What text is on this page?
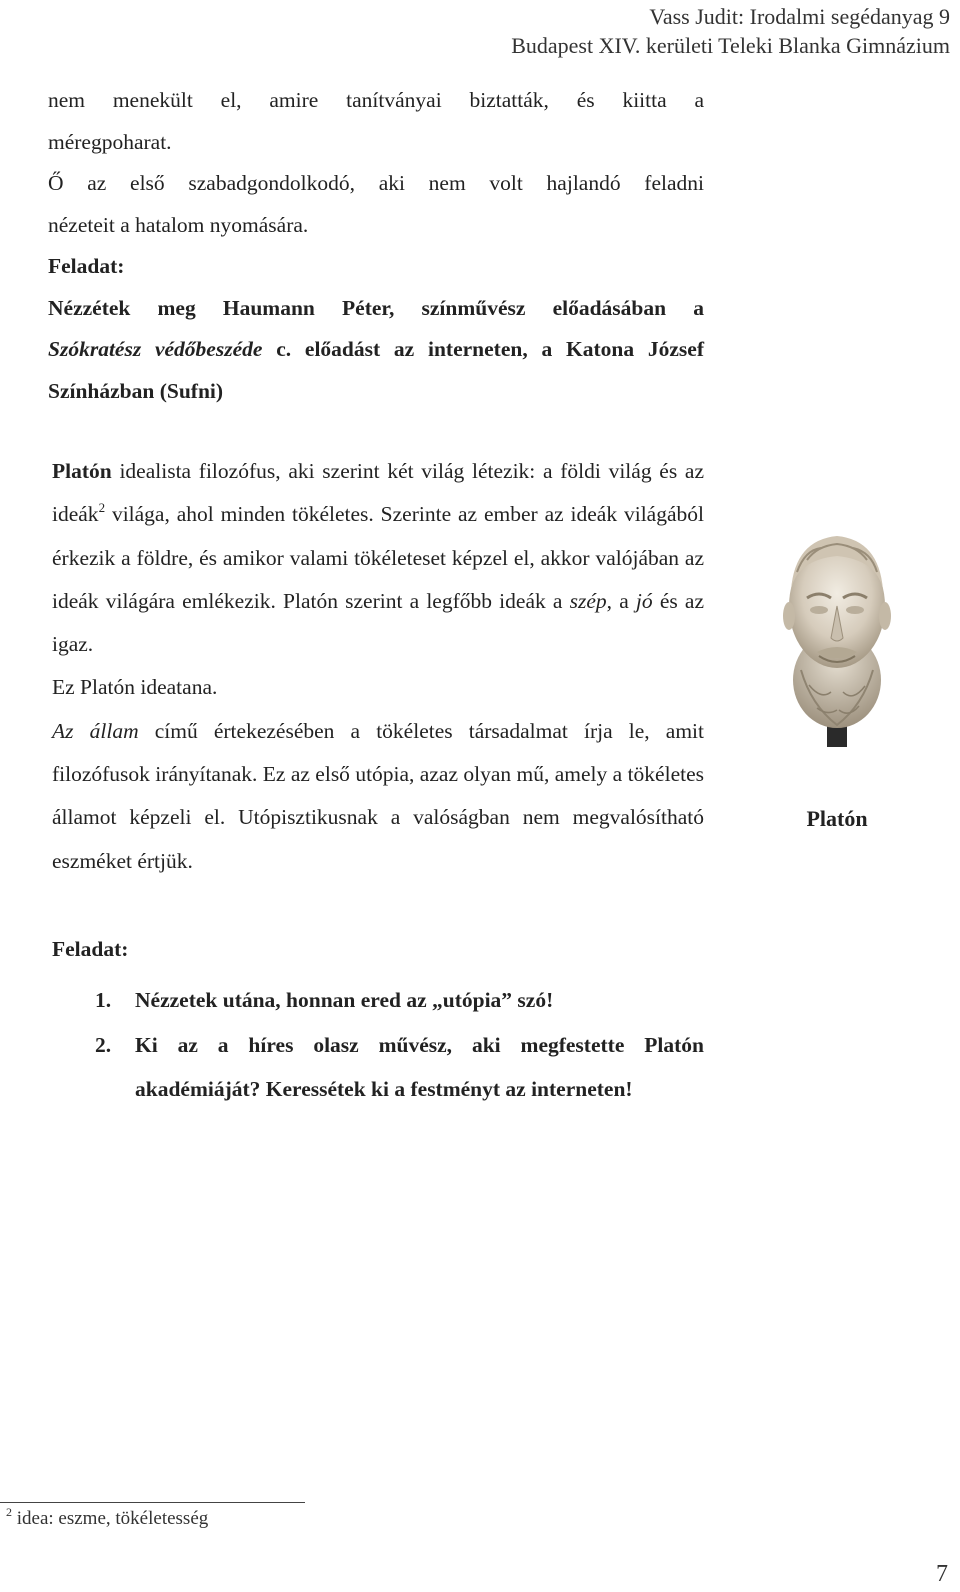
Vass Judit: Irodalmi segédanyag 9
Budapest XIV. kerületi Teleki Blanka Gimnázium
nem menekült el, amire tanítványai biztatták, és kiitta a
méregpoharat.
Ő az első szabadgondolkodó, aki nem volt hajlandó feladni
nézeteit a hatalom nyomására.
Feladat:
Nézzétek meg Haumann Péter, színművész előadásában a
Szókratész védőbeszéde c. előadást az interneten, a Katona József
Színházban (Sufni)
Platón idealista filozófus, aki szerint két világ létezik: a földi világ és az ideák$^2$ világa, ahol minden tökéletes. Szerinte az ember az ideák világából érkezik a földre, és amikor valami tökéleteset képzel el, akkor valójában az ideák világára emlékezik. Platón szerint a legfőbb ideák a szép, a jó és az igaz.
Ez Platón ideatana.
Az állam című értekezésében a tökéletes társadalmat írja le, amit filozófusok irányítanak. Ez az első utópia, azaz olyan mű, amely a tökéletes államot képzeli el. Utópisztikusnak a valóságban nem megvalósítható eszméket értjük.
Platón
Feladat:
1. Nézzetek utána, honnan ered az „utópia” szó!
2. Ki az a híres olasz művész, aki megfestette Platón akadémiáját? Keressétek ki a festményt az interneten!
$^2$ idea: eszme, tökéletesség
7
